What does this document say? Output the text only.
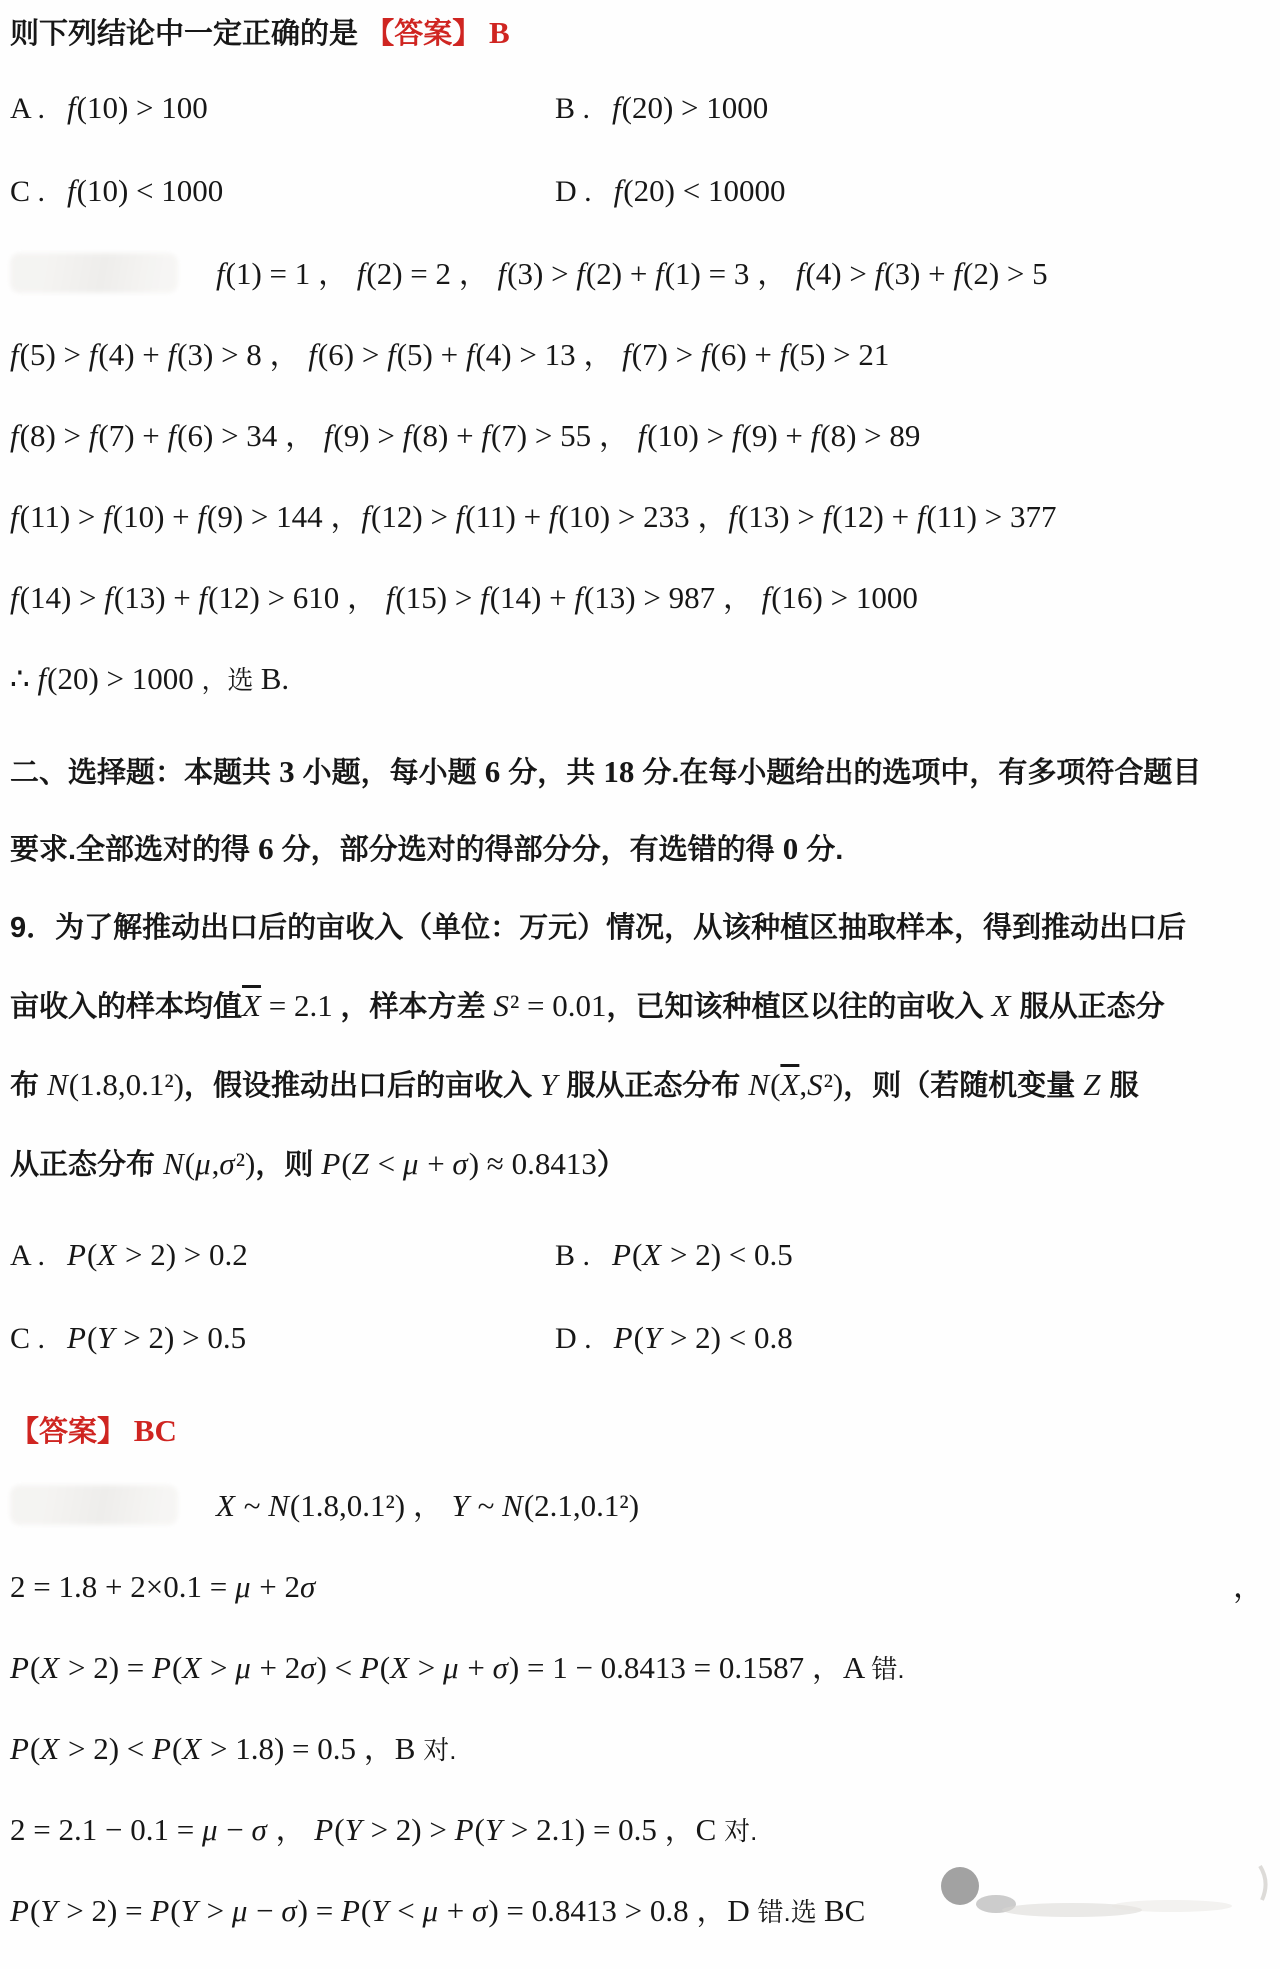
则下列结论中一定正确的是 【答案】 B
A . f(10) > 100	B . f(20) > 1000
C . f(10) < 1000	D . f(20) < 10000
f(1) = 1 ， f(2) = 2 ， f(3) > f(2) + f(1) = 3 ， f(4) > f(3) + f(2) > 5
f(5) > f(4) + f(3) > 8 ， f(6) > f(5) + f(4) > 13 ， f(7) > f(6) + f(5) > 21
f(8) > f(7) + f(6) > 34 ， f(9) > f(8) + f(7) > 55 ， f(10) > f(9) + f(8) > 89
f(11) > f(10) + f(9) > 144 ，f(12) > f(11) + f(10) > 233 ，f(13) > f(12) + f(11) > 377
f(14) > f(13) + f(12) > 610 ， f(15) > f(14) + f(13) > 987 ， f(16) > 1000
∴ f(20) > 1000 ，选 B.
二、选择题：本题共 3 小题，每小题 6 分，共 18 分.在每小题给出的选项中，有多项符合题目
要求.全部选对的得 6 分，部分选对的得部分分，有选错的得 0 分.
9．为了解推动出口后的亩收入（单位：万元）情况，从该种植区抽取样本，得到推动出口后
亩收入的样本均值$\overline{X} = 2.1$ ，样本方差 S² = 0.01，已知该种植区以往的亩收入 X 服从正态分
布 N(1.8,0.1²)，假设推动出口后的亩收入 Y 服从正态分布 $N(\overline{X},S^2)$，则（若随机变量 Z 服
从正态分布 N(μ,σ²)，则 P(Z < μ + σ) ≈ 0.8413）
A . P(X > 2) > 0.2	B . P(X > 2) < 0.5
C . P(Y > 2) > 0.5	D . P(Y > 2) < 0.8
【答案】 BC
X ~ N(1.8,0.1²) ， Y ~ N(2.1,0.1²)
2 = 1.8 + 2×0.1 = μ + 2σ	，
P(X > 2) = P(X > μ + 2σ) < P(X > μ + σ) = 1 − 0.8413 = 0.1587 ，A 错.
P(X > 2) < P(X > 1.8) = 0.5 ，B 对.
2 = 2.1 − 0.1 = μ − σ ， P(Y > 2) > P(Y > 2.1) = 0.5 ，C 对.
P(Y > 2) = P(Y > μ − σ) = P(Y < μ + σ) = 0.8413 > 0.8 ，D 错.选 BC
